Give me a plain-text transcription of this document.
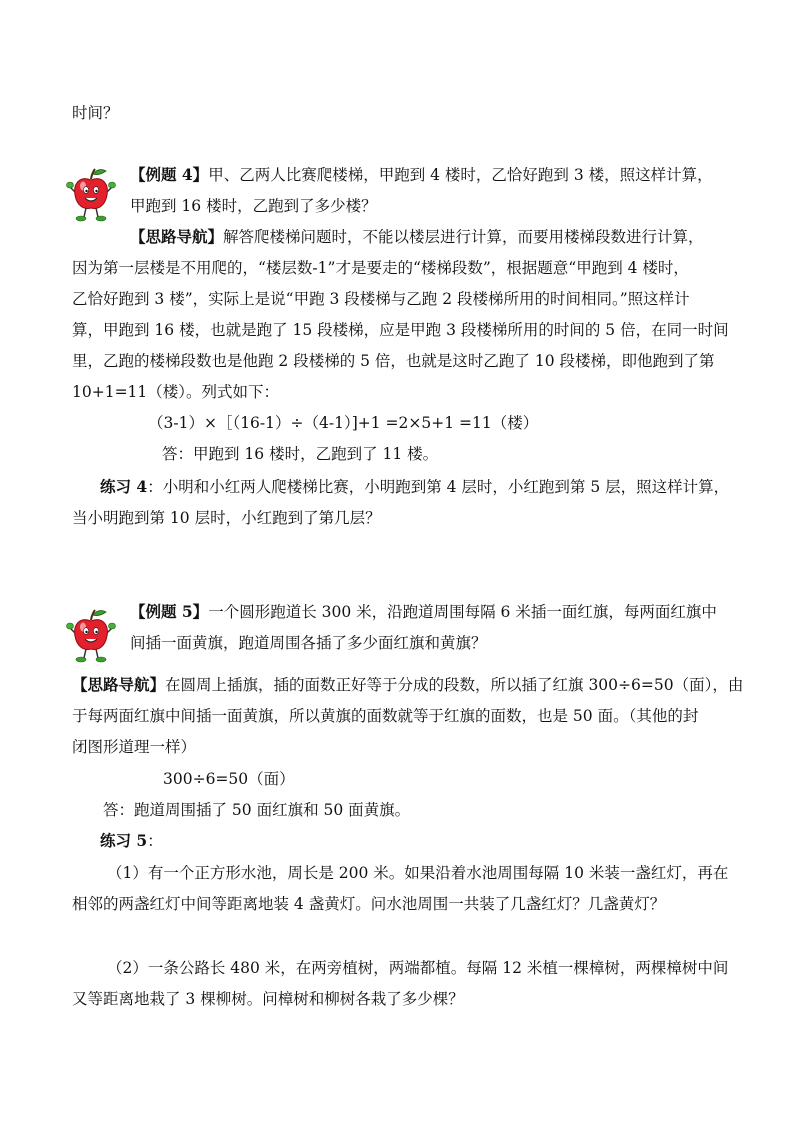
时间？
【例题 4】甲、乙两人比赛爬楼梯，甲跑到 4 楼时，乙恰好跑到 3 楼，照这样计算，
甲跑到 16 楼时，乙跑到了多少楼？
【思路导航】解答爬楼梯问题时，不能以楼层进行计算，而要用楼梯段数进行计算，
因为第一层楼是不用爬的，“楼层数-1”才是要走的“楼梯段数”，根据题意“甲跑到 4 楼时，
乙恰好跑到 3 楼”，实际上是说“甲跑 3 段楼梯与乙跑 2 段楼梯所用的时间相同。”照这样计
算，甲跑到 16 楼，也就是跑了 15 段楼梯，应是甲跑 3 段楼梯所用的时间的 5 倍，在同一时间
里，乙跑的楼梯段数也是他跑 2 段楼梯的 5 倍，也就是这时乙跑了 10 段楼梯，即他跑到了第
10+1=11（楼）。列式如下：
（3-1）×［（16-1）÷（4-1）]+1 =2×5+1 =11（楼）
答：甲跑到 16 楼时，乙跑到了 11 楼。
练习 4：小明和小红两人爬楼梯比赛，小明跑到第 4 层时，小红跑到第 5 层，照这样计算，
当小明跑到第 10 层时，小红跑到了第几层？
【例题 5】一个圆形跑道长 300 米，沿跑道周围每隔 6 米插一面红旗，每两面红旗中
间插一面黄旗，跑道周围各插了多少面红旗和黄旗？
【思路导航】在圆周上插旗，插的面数正好等于分成的段数，所以插了红旗 300÷6=50（面），由
于每两面红旗中间插一面黄旗，所以黄旗的面数就等于红旗的面数，也是 50 面。（其他的封
闭图形道理一样）
300÷6=50（面）
答：跑道周围插了 50 面红旗和 50 面黄旗。
练习 5：
（1）有一个正方形水池，周长是 200 米。如果沿着水池周围每隔 10 米装一盏红灯，再在
相邻的两盏红灯中间等距离地装 4 盏黄灯。问水池周围一共装了几盏红灯？几盏黄灯？
（2）一条公路长 480 米，在两旁植树，两端都植。每隔 12 米植一棵樟树，两棵樟树中间
又等距离地栽了 3 棵柳树。问樟树和柳树各栽了多少棵？
